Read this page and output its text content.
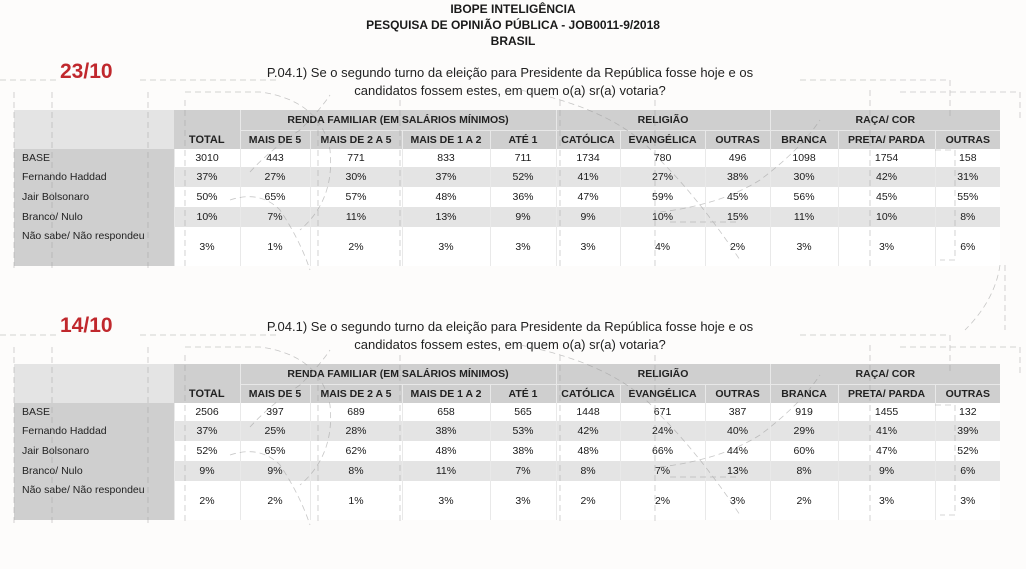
IBOPE INTELIGÊNCIA
PESQUISA DE OPINIÃO PÚBLICA - JOB0011-9/2018
BRASIL
23/10	P.04.1) Se o segundo turno da eleição para Presidente da República fosse hoje e os
candidatos fossem estes, em quem o(a) sr(a) votaria?
		RENDA FAMILIAR (EM SALÁRIOS MÍNIMOS)				RELIGIÃO			RAÇA/ COR		
	TOTAL	MAIS DE 5	MAIS DE 2 A 5	MAIS DE 1 A 2	ATÉ 1	CATÓLICA	EVANGÉLICA	OUTRAS	BRANCA	PRETA/ PARDA	OUTRAS
BASE	3010	443	771	833	711	1734	780	496	1098	1754	158
Fernando Haddad	37%	27%	30%	37%	52%	41%	27%	38%	30%	42%	31%
Jair Bolsonaro	50%	65%	57%	48%	36%	47%	59%	45%	56%	45%	55%
Branco/ Nulo	10%	7%	11%	13%	9%	9%	10%	15%	11%	10%	8%
Não sabe/ Não respondeu	3%	1%	2%	3%	3%	3%	4%	2%	3%	3%	6%
14/10	P.04.1) Se o segundo turno da eleição para Presidente da República fosse hoje e os
candidatos fossem estes, em quem o(a) sr(a) votaria?
		RENDA FAMILIAR (EM SALÁRIOS MÍNIMOS)				RELIGIÃO			RAÇA/ COR		
	TOTAL	MAIS DE 5	MAIS DE 2 A 5	MAIS DE 1 A 2	ATÉ 1	CATÓLICA	EVANGÉLICA	OUTRAS	BRANCA	PRETA/ PARDA	OUTRAS
BASE	2506	397	689	658	565	1448	671	387	919	1455	132
Fernando Haddad	37%	25%	28%	38%	53%	42%	24%	40%	29%	41%	39%
Jair Bolsonaro	52%	65%	62%	48%	38%	48%	66%	44%	60%	47%	52%
Branco/ Nulo	9%	9%	8%	11%	7%	8%	7%	13%	8%	9%	6%
Não sabe/ Não respondeu	2%	2%	1%	3%	3%	2%	2%	3%	2%	3%	3%
